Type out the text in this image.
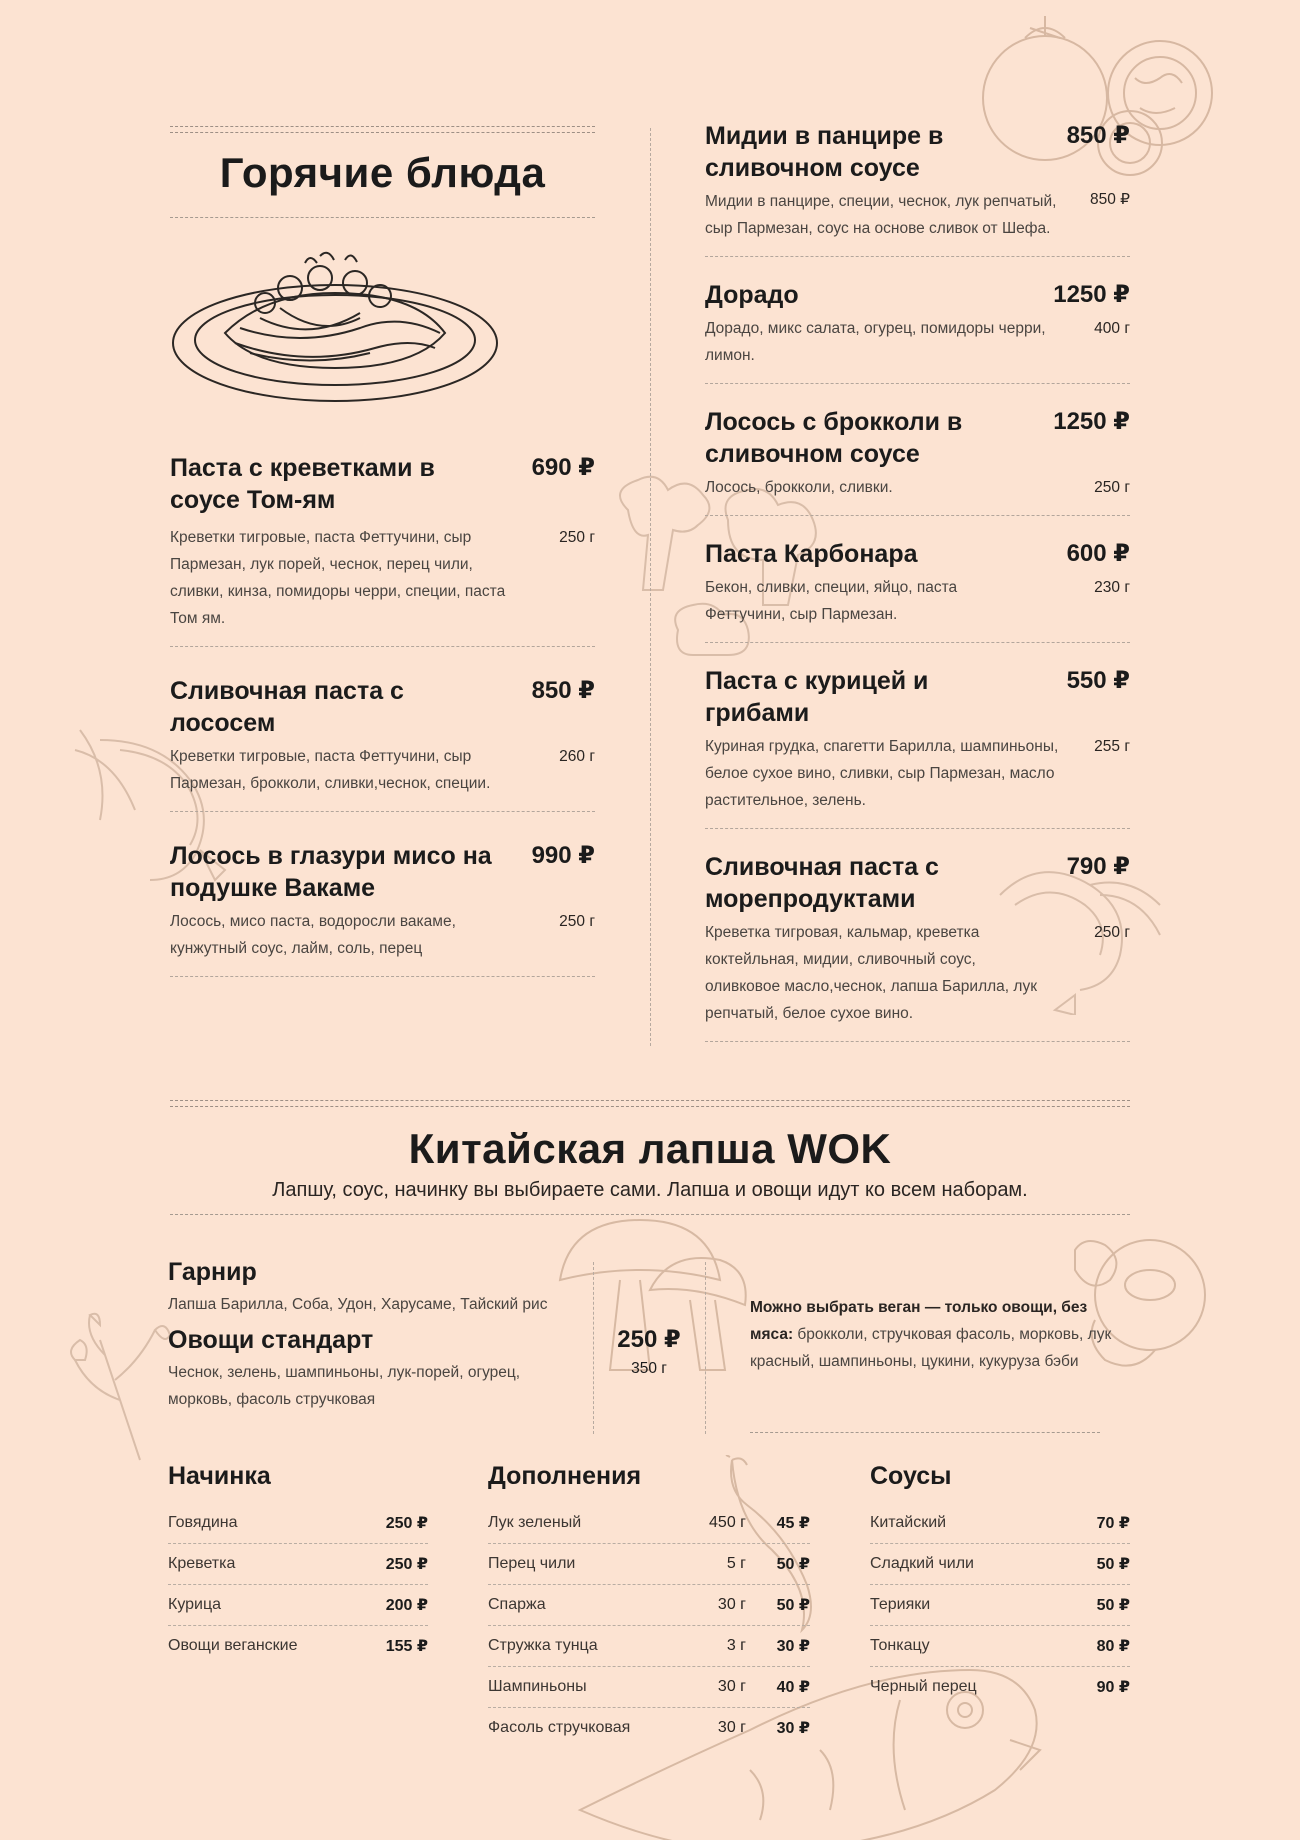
Горячие блюда

Паста с креветками в соусе Том-ям

690 ₽
250 г
Креветки тигровые, паста Феттучини, сыр Пармезан, лук порей, чеснок, перец чили, сливки, кинза, помидоры черри, специи, паста Том ям.

Сливочная паста с лососем

850 ₽
260 г
Креветки тигровые, паста Феттучини, сыр Пармезан, брокколи, сливки,чеснок, специи.

Лосось в глазури мисо на подушке Вакаме

990 ₽
250 г
Лосось, мисо паста, водоросли вакаме, кунжутный соус, лайм, соль, перец

Мидии в панцире в сливочном соусе

850 ₽
850 ₽
Мидии в панцире, специи, чеснок, лук репчатый, сыр Пармезан, соус на основе сливок от Шефа.

Дорадо	1250 ₽
400 г
Дорадо, микс салата, огурец, помидоры черри, лимон.

Лосось с брокколи в сливочном соусе

1250 ₽
250 г
Лосось, брокколи, сливки.

Паста Карбонара	600 ₽
230 г
Бекон, сливки, специи, яйцо, паста Феттучини, сыр Пармезан.

Паста с курицей и грибами

550 ₽
255 г
Куриная грудка, спагетти Барилла, шампиньоны, белое сухое вино, сливки, сыр Пармезан, масло растительное, зелень.

Сливочная паста с морепродуктами

790 ₽
250 г
Креветка тигровая, кальмар, креветка коктейльная, мидии, сливочный соус, оливковое масло,чеснок, лапша Барилла, лук репчатый, белое сухое вино.
Китайская лапша WOK

Лапшу, соус, начинку вы выбираете сами. Лапша и овощи идут ко всем наборам.

Гарнир

Лапша Барилла, Соба, Удон, Харусаме, Тайский рис

Овощи стандарт

Чеснок, зелень, шампиньоны, лук-порей, огурец, морковь, фасоль стручковая
250 ₽
350 г
Можно выбрать веган — только овощи, без мяса: брокколи, стручковая фасоль, морковь, лук красный, шампиньоны, цукини, кукуруза бэби

Начинка

Говядина	250 ₽
Креветка	250 ₽
Курица	200 ₽
Овощи веганские	155 ₽

Дополнения

Лук зеленый	450 г	45 ₽
Перец чили	5 г	50 ₽
Спаржа	30 г	50 ₽
Стружка тунца	3 г	30 ₽
Шампиньоны	30 г	40 ₽
Фасоль стручковая	30 г	30 ₽

Соусы

Китайский	70 ₽
Сладкий чили	50 ₽
Терияки	50 ₽
Тонкацу	80 ₽
Черный перец	90 ₽
